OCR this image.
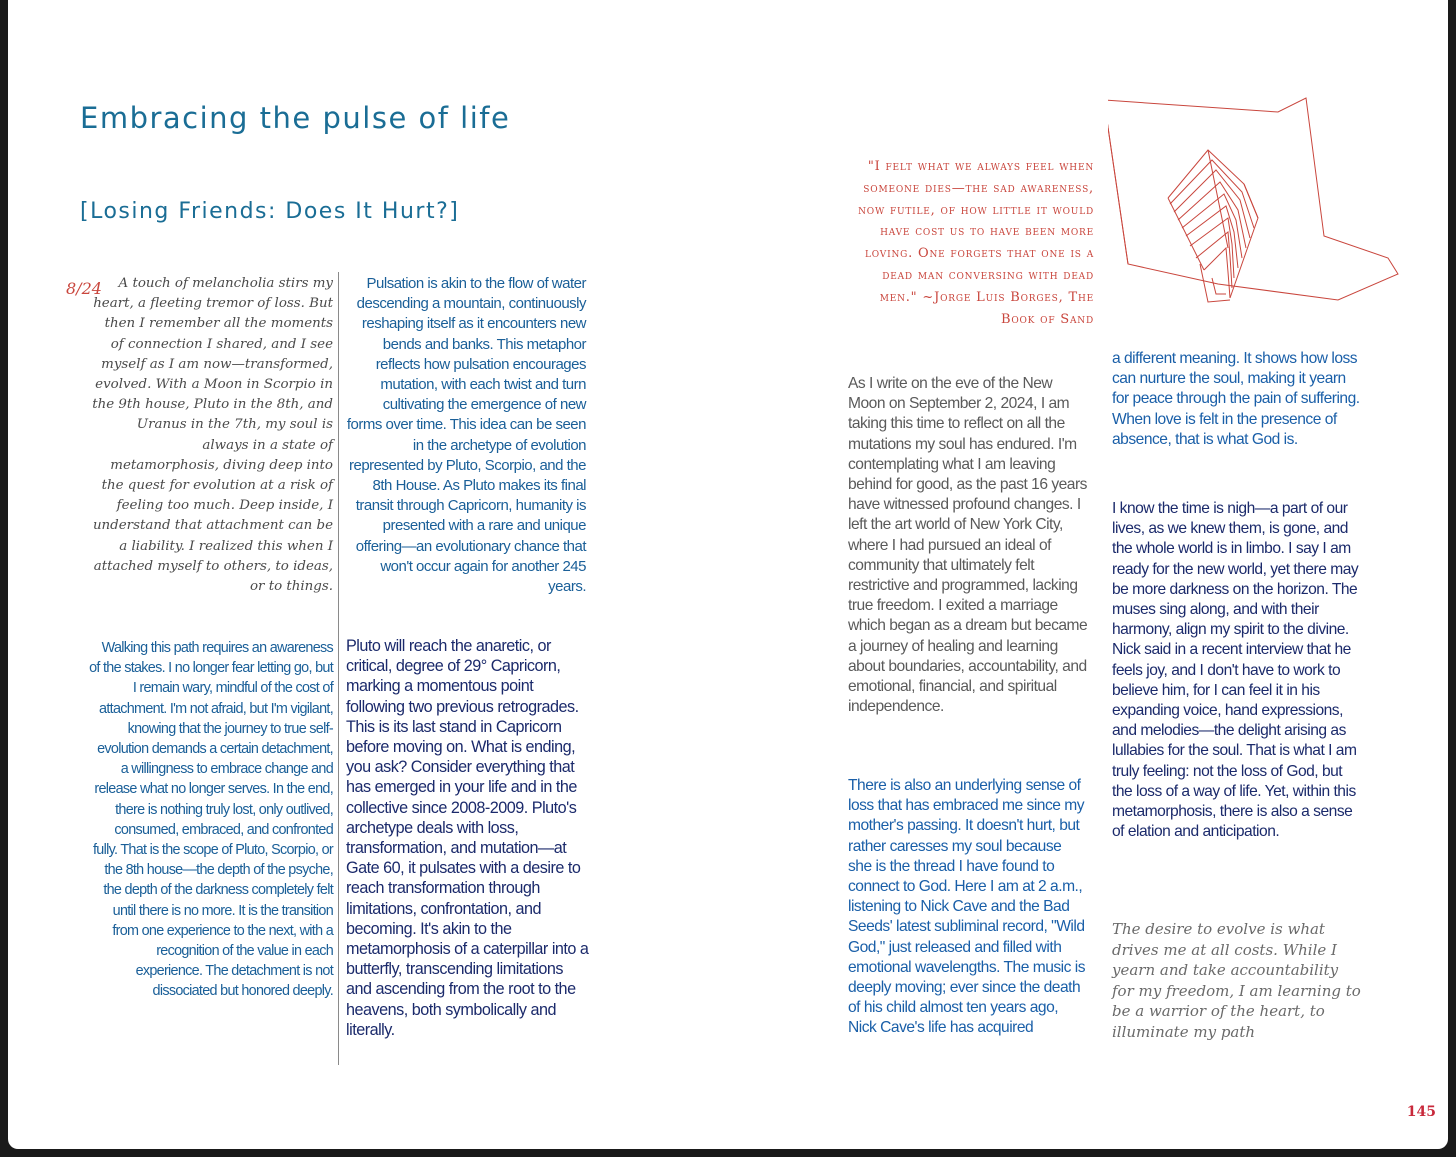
Embracing the pulse of life
[Losing Friends: Does It Hurt?]
8/24	A touch of melancholia stirs my heart, a fleeting tremor of loss. But then I remember all the moments of connection I shared, and I see myself as I am now—transformed, evolved. With a Moon in Scorpio in the 9th house, Pluto in the 8th, and Uranus in the 7th, my soul is always in a state of metamorphosis, diving deep into the quest for evolution at a risk of feeling too much. Deep inside, I understand that attachment can be a liability. I realized this when I attached myself to others, to ideas, or to things.

Pulsation is akin to the flow of water descending a mountain, continuously reshaping itself as it encounters new bends and banks. This metaphor reflects how pulsation encourages mutation, with each twist and turn cultivating the emergence of new forms over time. This idea can be seen in the archetype of evolution represented by Pluto, Scorpio, and the 8th House. As Pluto makes its final transit through Capricorn, humanity is presented with a rare and unique offering—an evolutionary chance that won't occur again for another 245 years.

Walking this path requires an awareness of the stakes. I no longer fear letting go, but I remain wary, mindful of the cost of attachment. I'm not afraid, but I'm vigilant, knowing that the journey to true self-evolution demands a certain detachment, a willingness to embrace change and release what no longer serves. In the end, there is nothing truly lost, only outlived, consumed, embraced, and confronted fully. That is the scope of Pluto, Scorpio, or the 8th house—the depth of the psyche, the depth of the darkness completely felt until there is no more. It is the transition from one experience to the next, with a recognition of the value in each experience. The detachment is not dissociated but honored deeply.

Pluto will reach the anaretic, or critical, degree of 29° Capricorn, marking a momentous point following two previous retrogrades. This is its last stand in Capricorn before moving on. What is ending, you ask? Consider everything that has emerged in your life and in the collective since 2008-2009. Pluto's archetype deals with loss, transformation, and mutation—at Gate 60, it pulsates with a desire to reach transformation through limitations, confrontation, and becoming. It's akin to the metamorphosis of a caterpillar into a butterfly, transcending limitations and ascending from the root to the heavens, both symbolically and literally.

"I felt what we always feel when someone dies—the sad awareness, now futile, of how little it would have cost us to have been more loving. One forgets that one is a dead man conversing with dead men." ~Jorge Luis Borges, The Book of Sand

As I write on the eve of the New Moon on September 2, 2024, I am taking this time to reflect on all the mutations my soul has endured. I'm contemplating what I am leaving behind for good, as the past 16 years have witnessed profound changes. I left the art world of New York City, where I had pursued an ideal of community that ultimately felt restrictive and programmed, lacking true freedom. I exited a marriage which began as a dream but became a journey of healing and learning about boundaries, accountability, and emotional, financial, and spiritual independence.

There is also an underlying sense of loss that has embraced me since my mother's passing. It doesn't hurt, but rather caresses my soul because she is the thread I have found to connect to God. Here I am at 2 a.m., listening to Nick Cave and the Bad Seeds' latest subliminal record, "Wild God," just released and filled with emotional wavelengths. The music is deeply moving; ever since the death of his child almost ten years ago, Nick Cave's life has acquired

a different meaning. It shows how loss can nurture the soul, making it yearn for peace through the pain of suffering. When love is felt in the presence of absence, that is what God is.

I know the time is nigh—a part of our lives, as we knew them, is gone, and the whole world is in limbo. I say I am ready for the new world, yet there may be more darkness on the horizon. The muses sing along, and with their harmony, align my spirit to the divine. Nick said in a recent interview that he feels joy, and I don't have to work to believe him, for I can feel it in his expanding voice, hand expressions, and melodies—the delight arising as lullabies for the soul. That is what I am truly feeling: not the loss of God, but the loss of a way of life. Yet, within this metamorphosis, there is also a sense of elation and anticipation.

The desire to evolve is what drives me at all costs. While I yearn and take accountability for my freedom, I am learning to be a warrior of the heart, to illuminate my path

145
